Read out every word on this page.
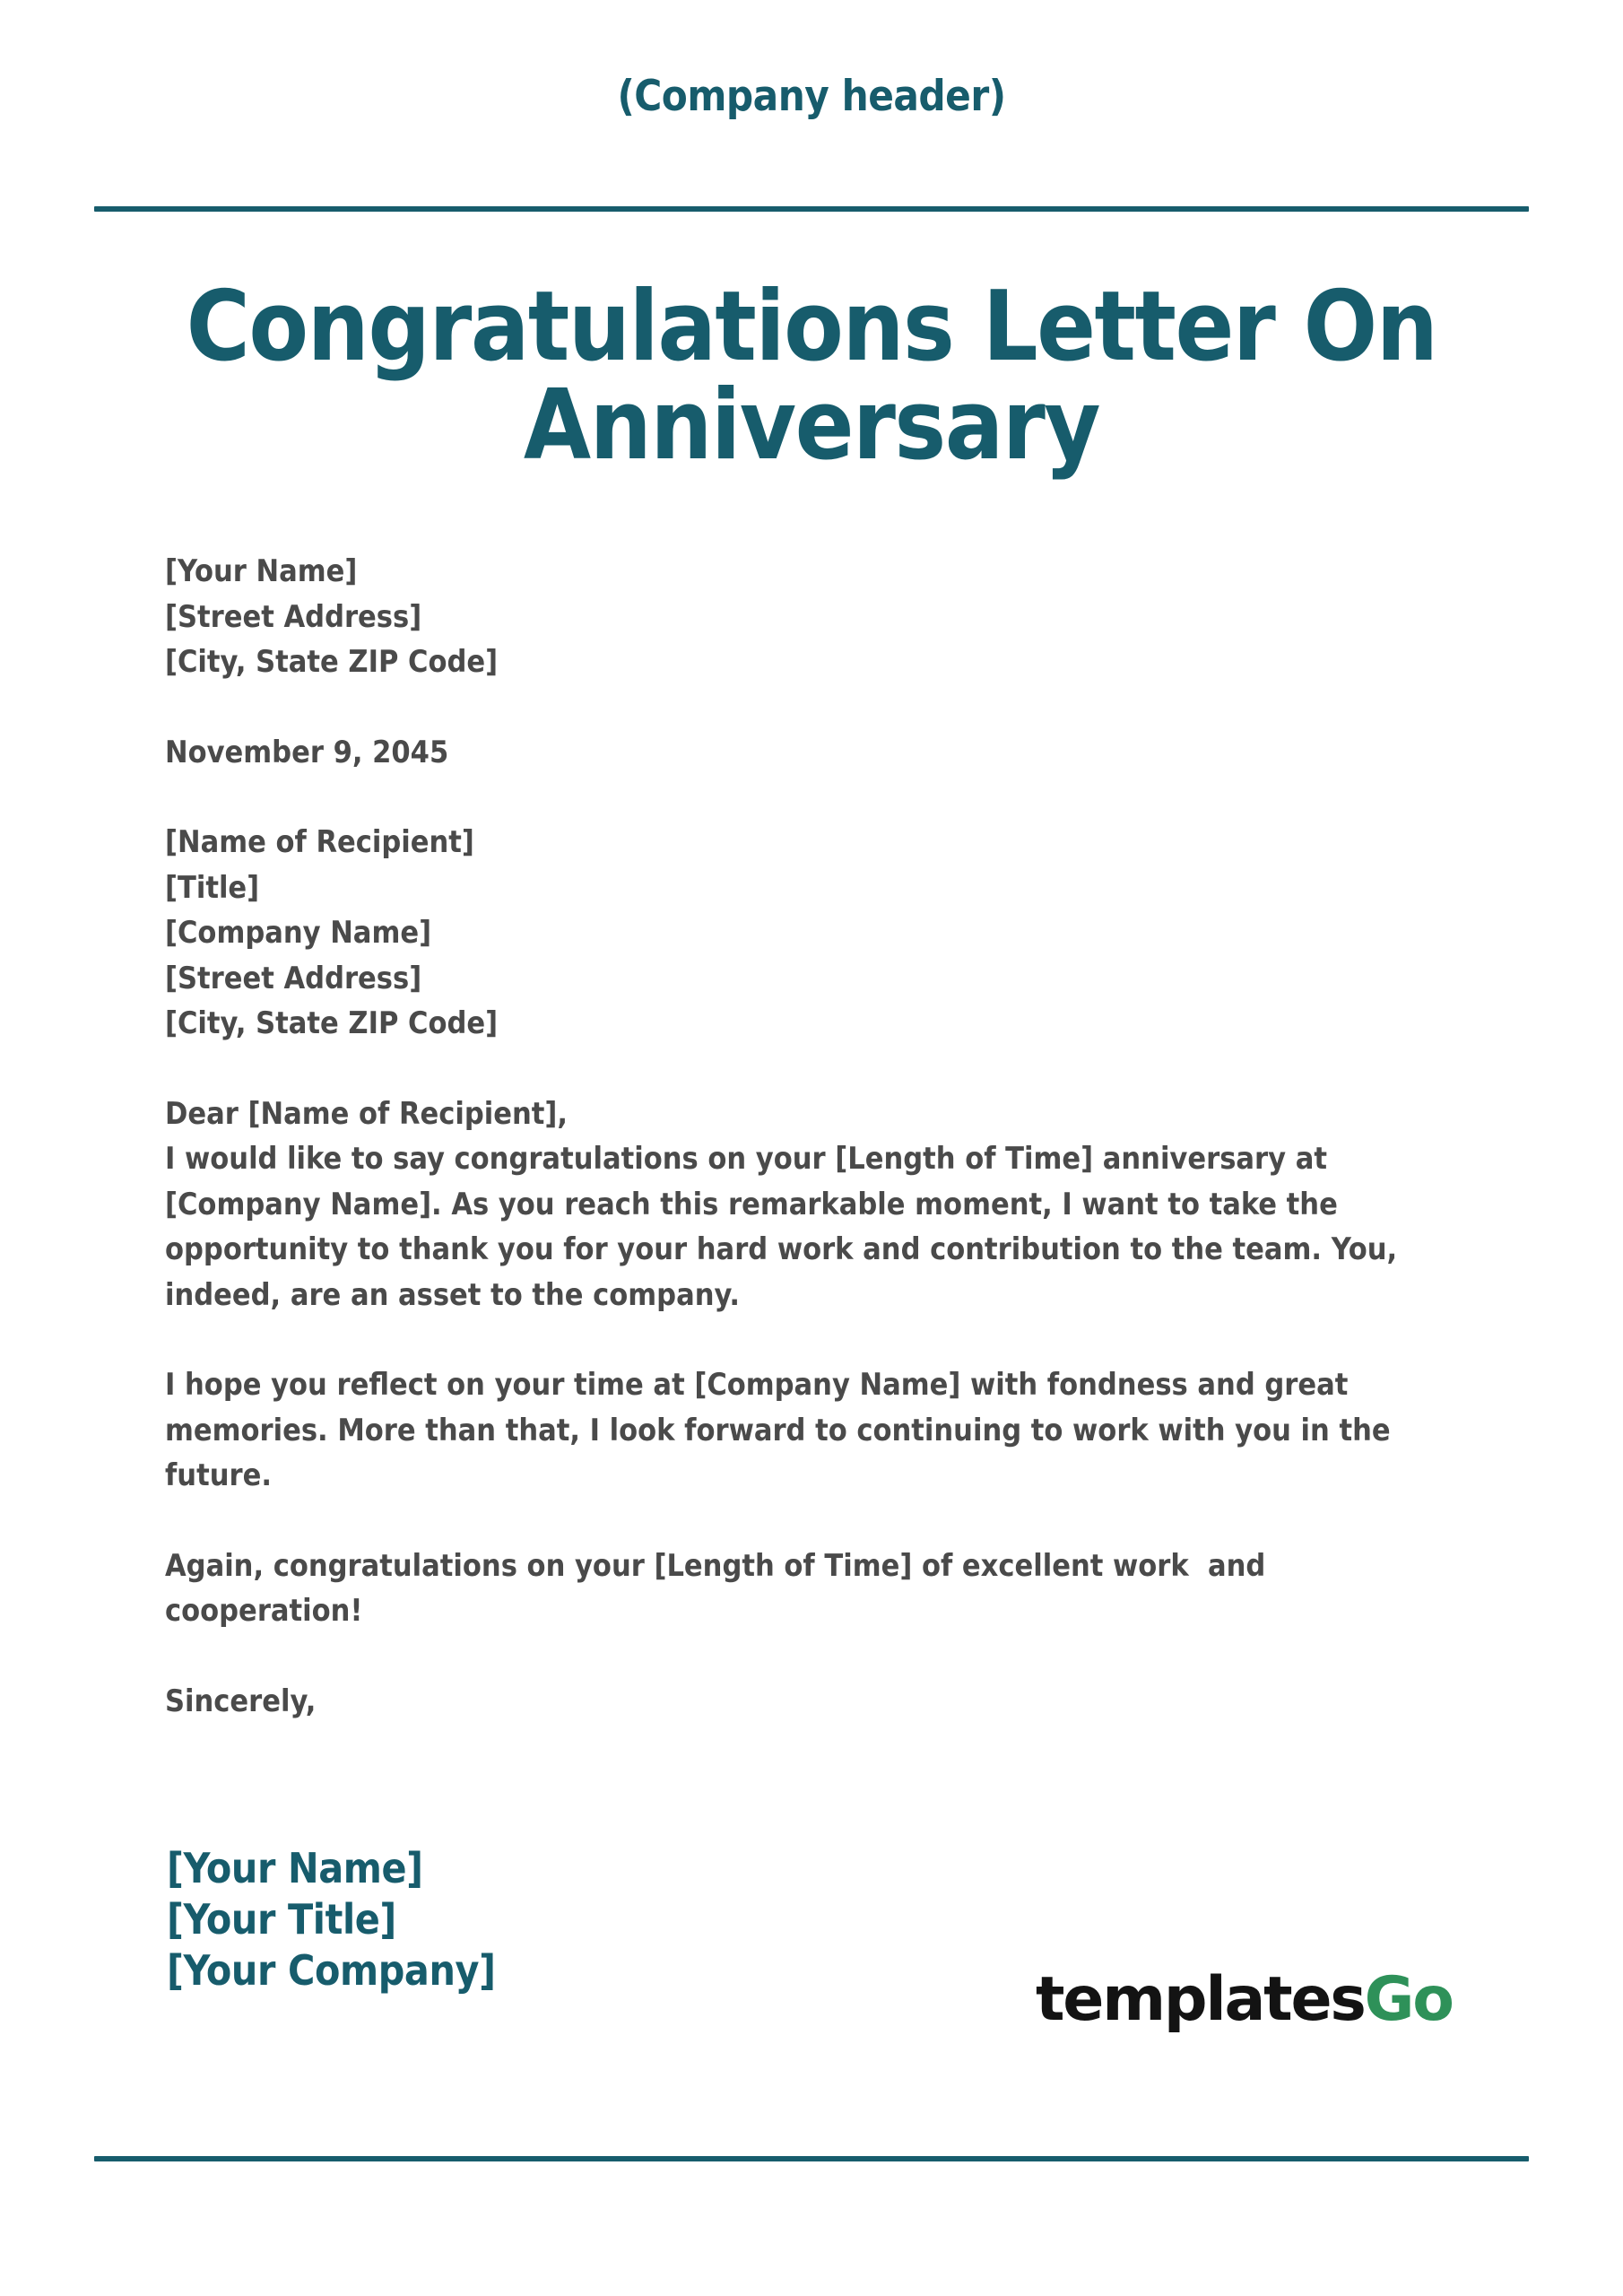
(Company header)
Congratulations Letter On
Anniversary
[Your Name]
[Street Address]
[City, State ZIP Code]
November 9, 2045
[Name of Recipient]
[Title]
[Company Name]
[Street Address]
[City, State ZIP Code]
Dear [Name of Recipient],
I would like to say congratulations on your [Length of Time] anniversary at [Company Name]. As you reach this remarkable moment, I want to take the opportunity to thank you for your hard work and contribution to the team. You, indeed, are an asset to the company.
I hope you reflect on your time at [Company Name] with fondness and great memories. More than that, I look forward to continuing to work with you in the future.
Again, congratulations on your [Length of Time] of excellent work  and cooperation!
Sincerely,
[Your Name]
[Your Title]
[Your Company]	templatesGo
